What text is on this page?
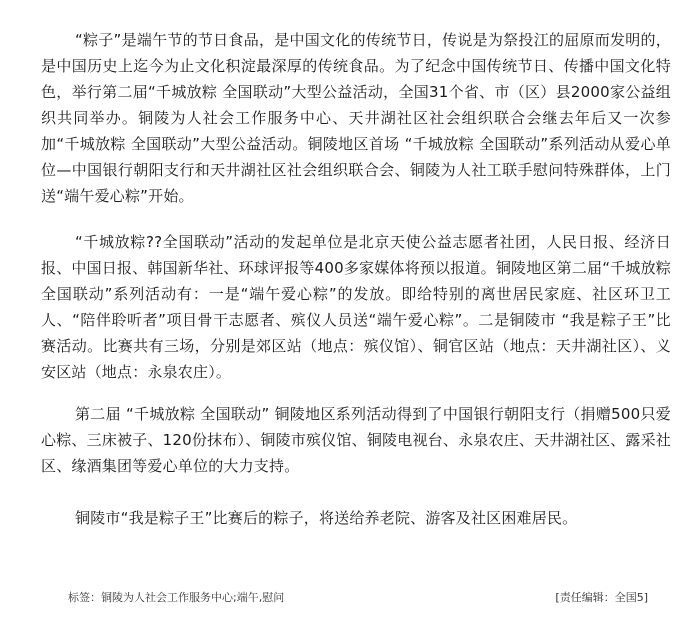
“粽子”是端午节的节日食品，是中国文化的传统节日，传说是为祭投江的屈原而发明的，是中国历史上迄今为止文化积淀最深厚的传统食品。为了纪念中国传统节日、传播中国文化特色，举行第二届“千城放粽 全国联动”大型公益活动，全国31个省、市（区）县2000家公益组织共同举办。铜陵为人社会工作服务中心、天井湖社区社会组织联合会继去年后又一次参加“千城放粽 全国联动”大型公益活动。铜陵地区首场 “千城放粽 全国联动”系列活动从爱心单位—中国银行朝阳支行和天井湖社区社会组织联合会、铜陵为人社工联手慰问特殊群体，上门送“端午爱心粽”开始。

“千城放粽??全国联动”活动的发起单位是北京天使公益志愿者社团，人民日报、经济日报、中国日报、韩国新华社、环球评报等400多家媒体将预以报道。铜陵地区第二届“千城放粽 全国联动”系列活动有：一是“端午爱心粽”的发放。即给特别的离世居民家庭、社区环卫工人、“陪伴聆听者”项目骨干志愿者、殡仪人员送“端午爱心粽”。二是铜陵市 “我是粽子王”比赛活动。比赛共有三场，分别是郊区站（地点：殡仪馆）、铜官区站（地点：天井湖社区）、义安区站（地点：永泉农庄）。

第二届 “千城放粽 全国联动” 铜陵地区系列活动得到了中国银行朝阳支行（捐赠500只爱心粽、三床被子、120份抹布）、铜陵市殡仪馆、铜陵电视台、永泉农庄、天井湖社区、露采社区、缘酒集团等爱心单位的大力支持。

铜陵市“我是粽子王”比赛后的粽子，将送给养老院、游客及社区困难居民。

标签：铜陵为人社会工作服务中心;端午,慰问	[责任编辑：全国5]
